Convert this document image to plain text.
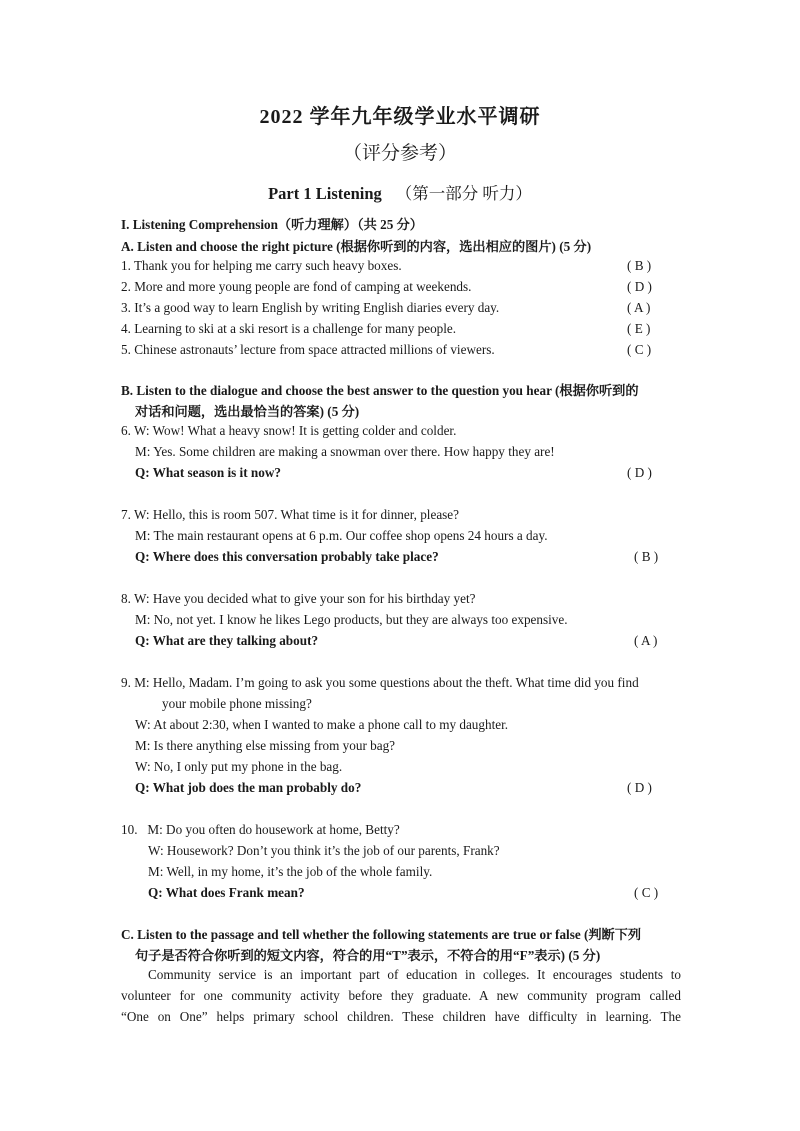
2022 学年九年级学业水平调研
（评分参考）
Part 1 Listening （第一部分 听力）
I. Listening Comprehension（听力理解）（共 25 分）
A. Listen and choose the right picture (根据你听到的内容，选出相应的图片) (5 分)
1. Thank you for helping me carry such heavy boxes.	( B )
2. More and more young people are fond of camping at weekends.	( D )
3. It’s a good way to learn English by writing English diaries every day.	( A )
4. Learning to ski at a ski resort is a challenge for many people.	( E )
5. Chinese astronauts’ lecture from space attracted millions of viewers.	( C )
B. Listen to the dialogue and choose the best answer to the question you hear (根据你听到的
对话和问题，选出最恰当的答案) (5 分)
6. W: Wow! What a heavy snow! It is getting colder and colder.
M: Yes. Some children are making a snowman over there. How happy they are!
Q: What season is it now?	( D )
7. W: Hello, this is room 507. What time is it for dinner, please?
M: The main restaurant opens at 6 p.m. Our coffee shop opens 24 hours a day.
Q: Where does this conversation probably take place?	( B )
8. W: Have you decided what to give your son for his birthday yet?
M: No, not yet. I know he likes Lego products, but they are always too expensive.
Q: What are they talking about?	( A )
9. M: Hello, Madam. I’m going to ask you some questions about the theft. What time did you find
your mobile phone missing?
W: At about 2:30, when I wanted to make a phone call to my daughter.
M: Is there anything else missing from your bag?
W: No, I only put my phone in the bag.
Q: What job does the man probably do?	( D )
10.   M: Do you often do housework at home, Betty?
W: Housework? Don’t you think it’s the job of our parents, Frank?
M: Well, in my home, it’s the job of the whole family.
Q: What does Frank mean?	( C )
C. Listen to the passage and tell whether the following statements are true or false (判断下列
句子是否符合你听到的短文内容，符合的用“T”表示，不符合的用“F”表示) (5 分)
Community service is an important part of education in colleges. It encourages students to
volunteer for one community activity before they graduate. A new community program called
“One on One” helps primary school children. These children have difficulty in learning. The
